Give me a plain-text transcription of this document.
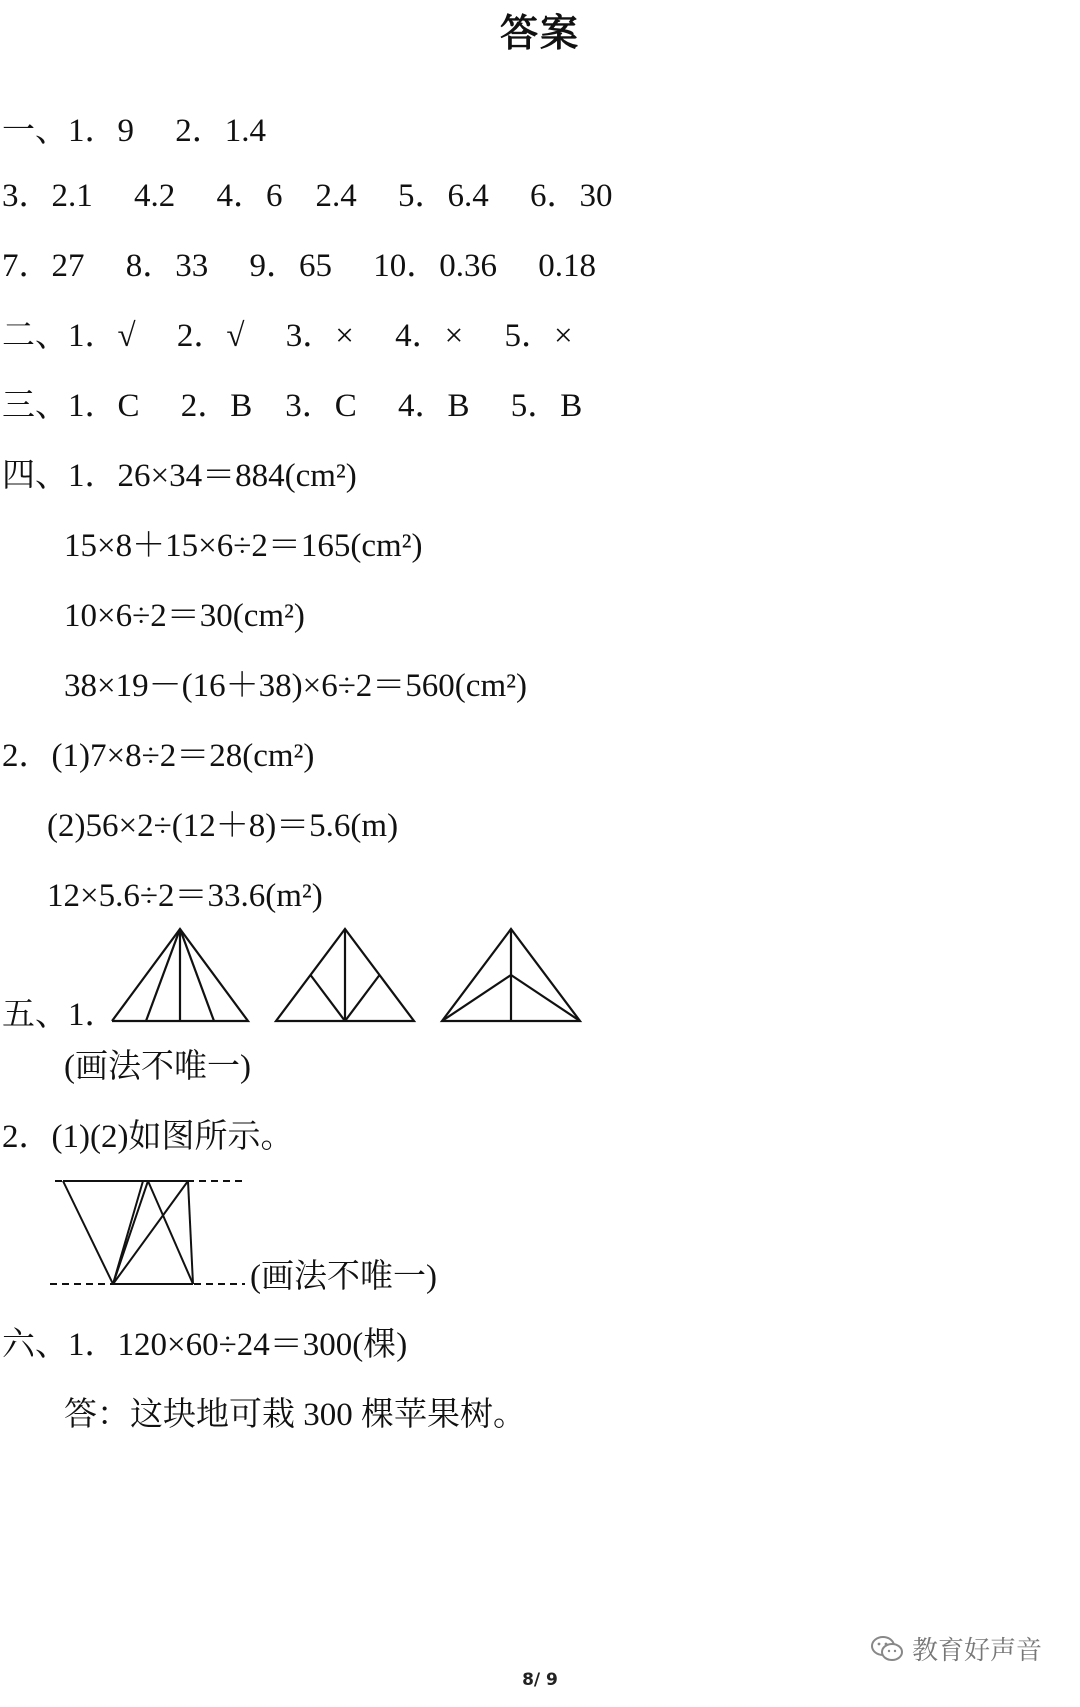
答案
一、1．9　 2．1.4
3．2.1　 4.2　 4．6　2.4　 5．6.4　 6．30
7．27　 8．33　 9．65　 10．0.36　 0.18
二、1．√　 2．√　 3．×　 4．×　 5．×
三、1．C　 2．B　3．C　 4．B　 5．B
四、1．26×34＝884(cm²)
15×8＋15×6÷2＝165(cm²)
10×6÷2＝30(cm²)
38×19－(16＋38)×6÷2＝560(cm²)
2．(1)7×8÷2＝28(cm²)
(2)56×2÷(12＋8)＝5.6(m)
12×5.6÷2＝33.6(m²)
五、1．
(画法不唯一)
2．(1)(2)如图所示。
(画法不唯一)
六、1．120×60÷24＝300(棵)
答：这块地可栽 300 棵苹果树。
教育好声音
8/ 9
